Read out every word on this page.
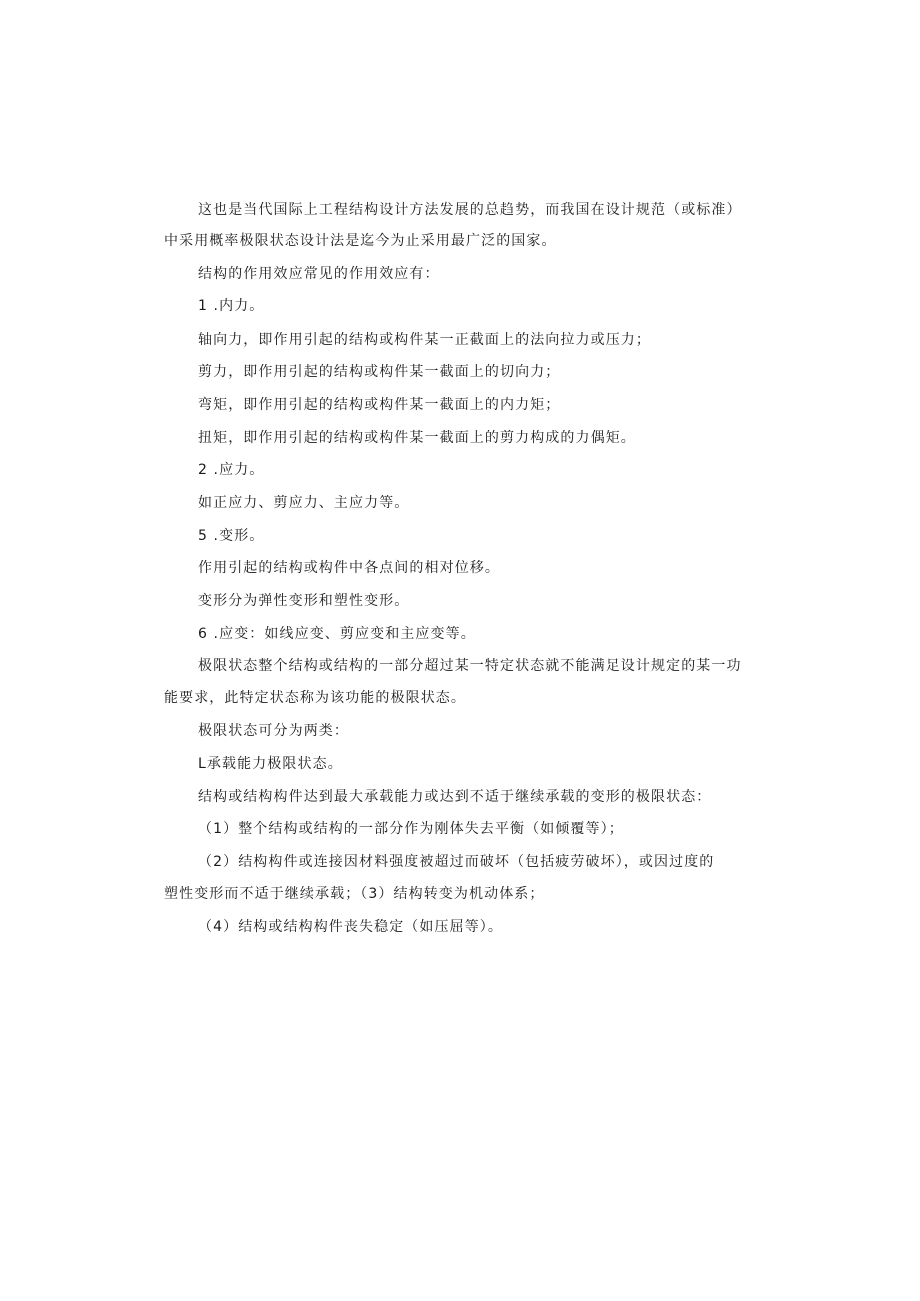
这也是当代国际上工程结构设计方法发展的总趋势，而我国在设计规范（或标准）
中采用概率极限状态设计法是迄今为止采用最广泛的国家。
结构的作用效应常见的作用效应有：
1 .内力。
轴向力，即作用引起的结构或构件某一正截面上的法向拉力或压力；
剪力，即作用引起的结构或构件某一截面上的切向力；
弯矩，即作用引起的结构或构件某一截面上的内力矩；
扭矩，即作用引起的结构或构件某一截面上的剪力构成的力偶矩。
2 .应力。
如正应力、剪应力、主应力等。
5 .变形。
作用引起的结构或构件中各点间的相对位移。
变形分为弹性变形和塑性变形。
6 .应变：如线应变、剪应变和主应变等。
极限状态整个结构或结构的一部分超过某一特定状态就不能满足设计规定的某一功
能要求，此特定状态称为该功能的极限状态。
极限状态可分为两类：
L承载能力极限状态。
结构或结构构件达到最大承载能力或达到不适于继续承载的变形的极限状态：
（1）整个结构或结构的一部分作为刚体失去平衡（如倾覆等）；
（2）结构构件或连接因材料强度被超过而破坏（包括疲劳破坏），或因过度的
塑性变形而不适于继续承载；（3）结构转变为机动体系；
（4）结构或结构构件丧失稳定（如压屈等）。
